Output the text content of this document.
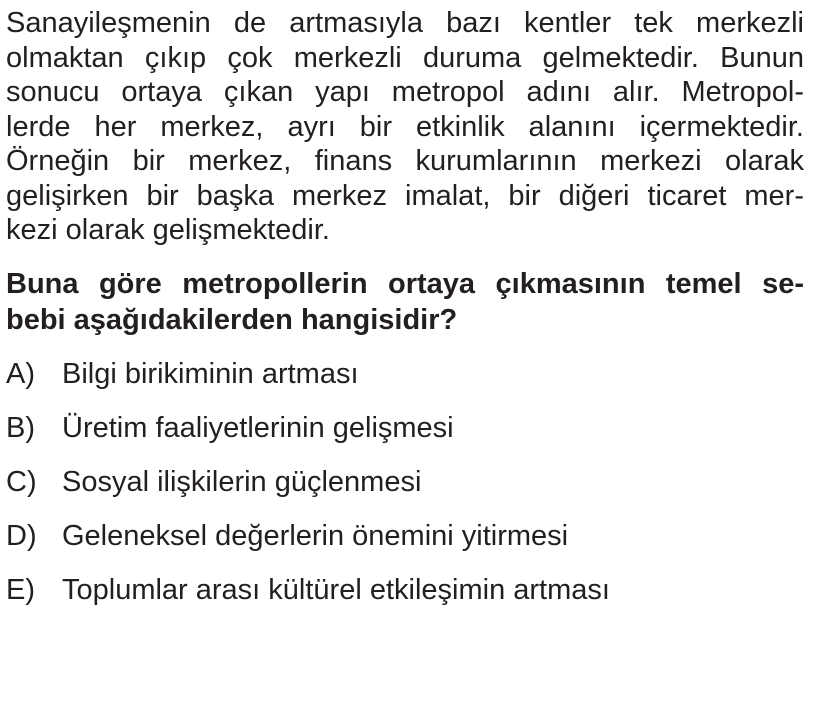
Sanayileşmenin de artmasıyla bazı kentler tek merkezli
olmaktan çıkıp çok merkezli duruma gelmektedir. Bunun
sonucu ortaya çıkan yapı metropol adını alır. Metropol-
lerde her merkez, ayrı bir etkinlik alanını içermektedir.
Örneğin bir merkez, finans kurumlarının merkezi olarak
gelişirken bir başka merkez imalat, bir diğeri ticaret mer-
kezi olarak gelişmektedir.
Buna göre metropollerin ortaya çıkmasının temel se-
bebi aşağıdakilerden hangisidir?
A) Bilgi birikiminin artması
B) Üretim faaliyetlerinin gelişmesi
C) Sosyal ilişkilerin güçlenmesi
D) Geleneksel değerlerin önemini yitirmesi
E) Toplumlar arası kültürel etkileşimin artması
